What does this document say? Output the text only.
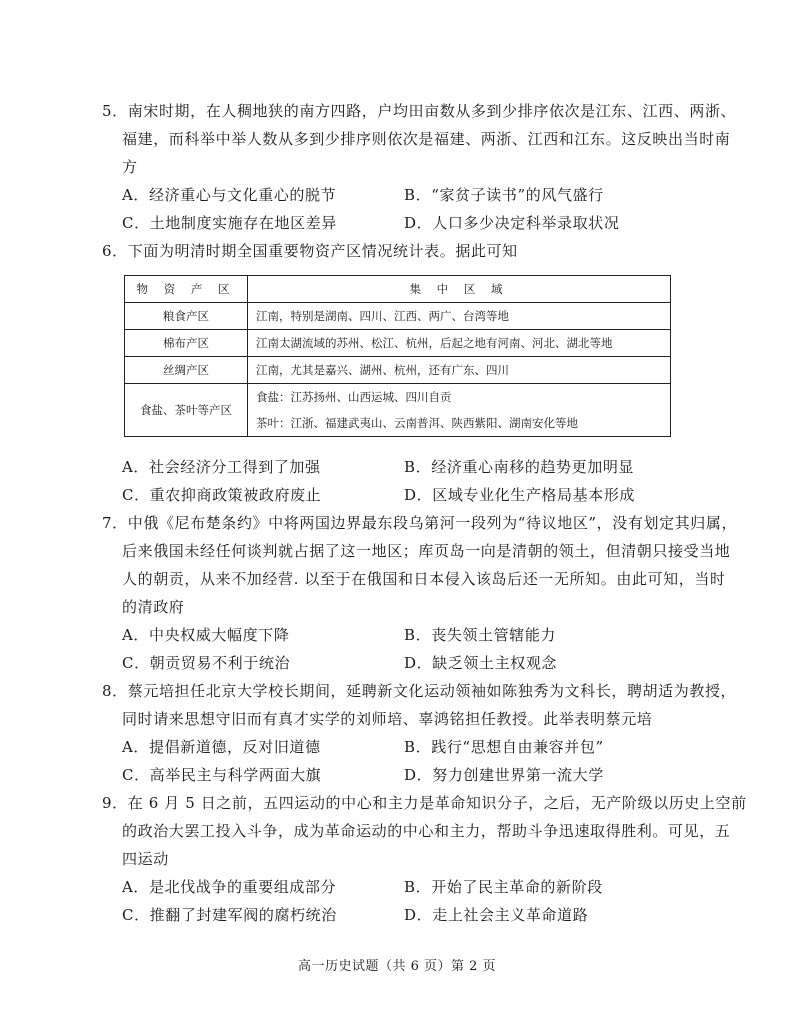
5．南宋时期，在人稠地狭的南方四路，户均田亩数从多到少排序依次是江东、江西、两浙、
福建，而科举中举人数从多到少排序则依次是福建、两浙、江西和江东。这反映出当时南
方
A．经济重心与文化重心的脱节	B．“家贫子读书”的风气盛行
C．土地制度实施存在地区差异	D．人口多少决定科举录取状况
6．下面为明清时期全国重要物资产区情况统计表。据此可知
物 资 产 区	集 中 区 域
粮食产区	江南，特别是湖南、四川、江西、两广、台湾等地
棉布产区	江南太湖流域的苏州、松江、杭州，后起之地有河南、河北、湖北等地
丝绸产区	江南，尤其是嘉兴、湖州、杭州，还有广东、四川
食盐、茶叶等产区	食盐：江苏扬州、山西运城、四川自贡
茶叶：江浙、福建武夷山、云南普洱、陕西紫阳、湖南安化等地
A．社会经济分工得到了加强	B．经济重心南移的趋势更加明显
C．重农抑商政策被政府废止	D．区域专业化生产格局基本形成
7．中俄《尼布楚条约》中将两国边界最东段乌第河一段列为“待议地区”，没有划定其归属，
后来俄国未经任何谈判就占据了这一地区；库页岛一向是清朝的领土，但清朝只接受当地
人的朝贡，从来不加经营. 以至于在俄国和日本侵入该岛后还一无所知。由此可知，当时
的清政府
A．中央权威大幅度下降	B．丧失领土管辖能力
C．朝贡贸易不利于统治	D．缺乏领土主权观念
8．蔡元培担任北京大学校长期间，延聘新文化运动领袖如陈独秀为文科长，聘胡适为教授，
同时请来思想守旧而有真才实学的刘师培、辜鸿铭担任教授。此举表明蔡元培
A．提倡新道德，反对旧道德	B．践行“思想自由兼容并包”
C．高举民主与科学两面大旗	D．努力创建世界第一流大学
9．在 6 月 5 日之前，五四运动的中心和主力是革命知识分子，之后，无产阶级以历史上空前
的政治大罢工投入斗争，成为革命运动的中心和主力，帮助斗争迅速取得胜利。可见，五
四运动
A．是北伐战争的重要组成部分	B．开始了民主革命的新阶段
C．推翻了封建军阀的腐朽统治	D．走上社会主义革命道路
高一历史试题（共 6 页）第 2 页
